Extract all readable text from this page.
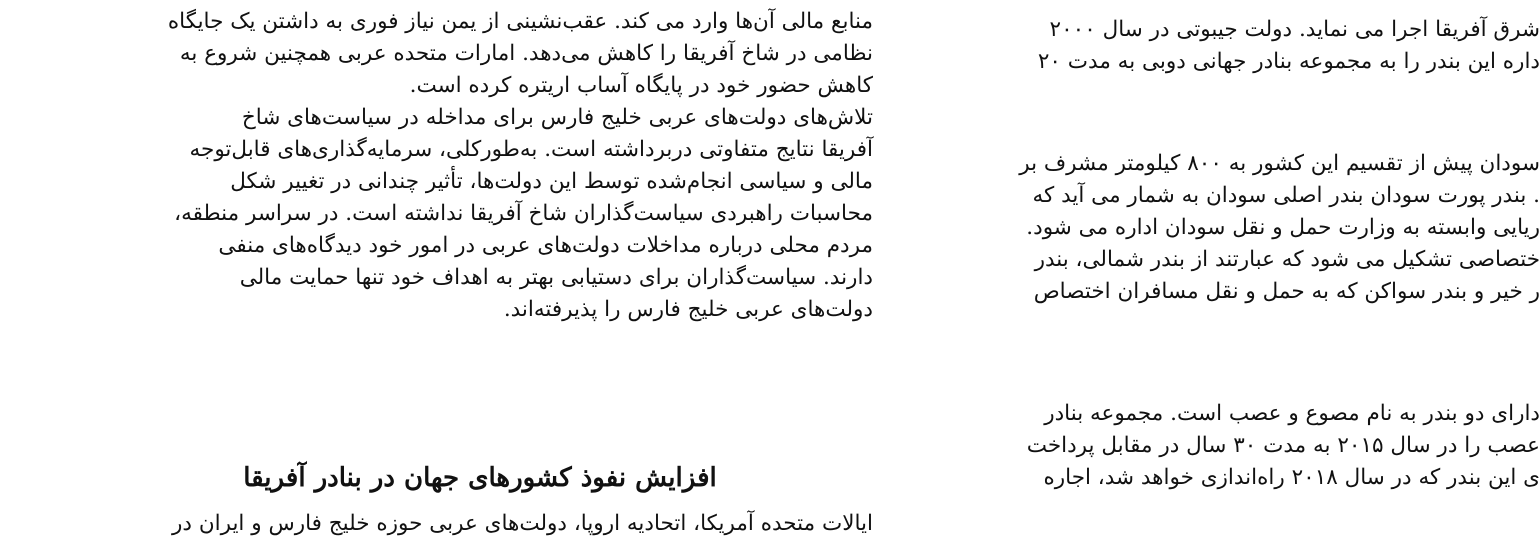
منابع مالی آن‌ها وارد می کند. عقب‌نشینی از یمن نیاز فوری به داشتن یک جایگاه
نظامی در شاخ آفریقا را کاهش می‌دهد. امارات متحده عربی همچنین شروع به
کاهش حضور خود در پایگاه آساب اریتره کرده است.
تلاش‌های دولت‌های عربی خلیج فارس برای مداخله در سیاست‌های شاخ
آفریقا نتایج متفاوتی دربرداشته است. به‌طورکلی، سرمایه‌گذاری‌های قابل‌توجه
مالی و سیاسی انجام‌شده توسط این دولت‌ها، تأثیر چندانی در تغییر شکل
محاسبات راهبردی سیاست‌گذاران شاخ آفریقا نداشته است. در سراسر منطقه،
مردم محلی درباره مداخلات دولت‌های عربی در امور خود دیدگاه‌های منفی
دارند. سیاست‌گذاران برای دستیابی بهتر به اهداف خود تنها حمایت مالی
دولت‌های عربی خلیج فارس را پذیرفته‌اند.
افزایش نفوذ کشورهای جهان در بنادر آفریقا
ایالات متحده آمریکا، اتحادیه اروپا، دولت‌های عربی حوزه خلیج فارس و ایران در
شرق آفریقا اجرا می نماید. دولت جیبوتی در سال ۲۰۰۰
داره این بندر را به مجموعه بنادر جهانی دوبی به مدت ۲۰
سودان پیش از تقسیم این کشور به ۸۰۰ کیلومتر مشرف بر
. بندر پورت سودان بندر اصلی سودان به شمار می آید که
ریایی وابسته به وزارت حمل و نقل سودان اداره می شود.
ختصاصی تشکیل می شود که عبارتند از بندر شمالی، بندر
ر خیر و بندر سواکن که به حمل و نقل مسافران اختصاص
دارای دو بندر به نام مصوع و عصب است. مجموعه بنادر
عصب را در سال ۲۰۱۵ به مدت ۳۰ سال در مقابل پرداخت
ی این بندر که در سال ۲۰۱۸ راه‌اندازی خواهد شد، اجاره
